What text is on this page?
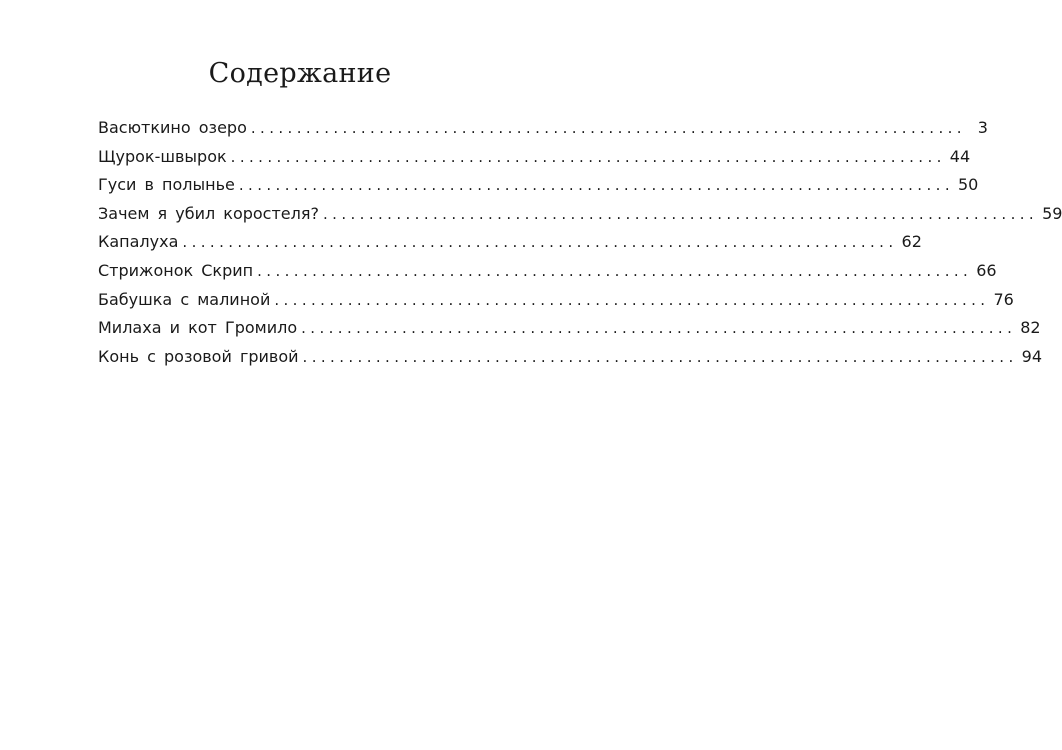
Содержание
Васюткино озеро .............................................................................. 3
Щурок-швырок .............................................................................. 44
Гуси в полынье .............................................................................. 50
Зачем я убил коростеля? .............................................................................. 59
Капалуха .............................................................................. 62
Стрижонок Скрип .............................................................................. 66
Бабушка с малиной .............................................................................. 76
Милаха и кот Громило .............................................................................. 82
Конь с розовой гривой .............................................................................. 94
